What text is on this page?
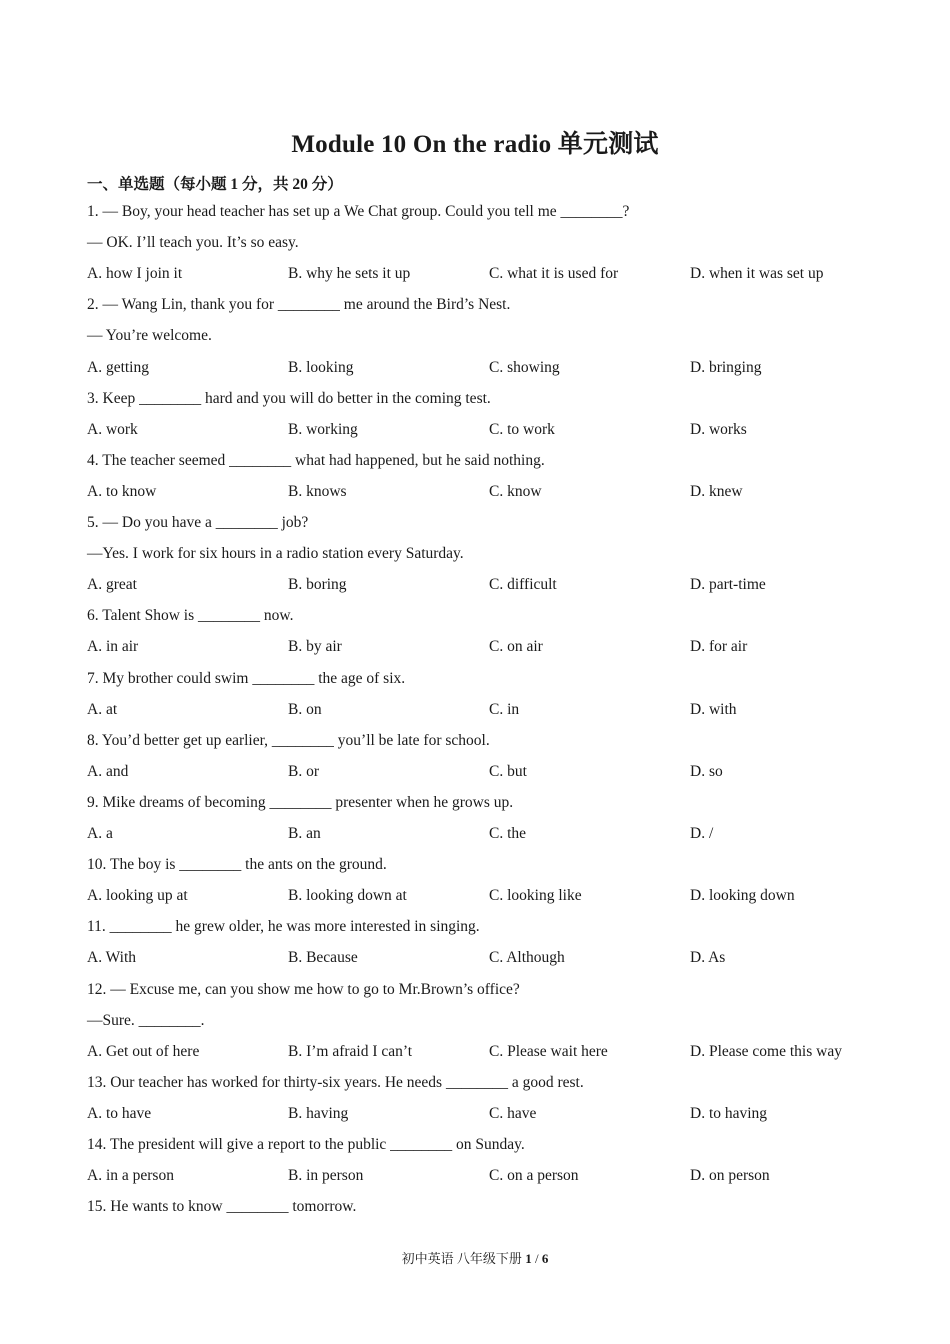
Module 10 On the radio 单元测试
一、单选题（每小题 1 分，共 20 分）
1. — Boy, your head teacher has set up a We Chat group. Could you tell me ________?
— OK. I’ll teach you. It’s so easy.
A. how I join it	B. why he sets it up	C. what it is used for	D. when it was set up
2. — Wang Lin, thank you for ________ me around the Bird’s Nest.
— You’re welcome.
A. getting	B. looking	C. showing	D. bringing
3. Keep ________ hard and you will do better in the coming test.
A. work	B. working	C. to work	D. works
4. The teacher seemed ________ what had happened, but he said nothing.
A. to know	B. knows	C. know	D. knew
5. — Do you have a ________ job?
—Yes. I work for six hours in a radio station every Saturday.
A. great	B. boring	C. difficult	D. part-time
6. Talent Show is ________ now.
A. in air	B. by air	C. on air	D. for air
7. My brother could swim ________ the age of six.
A. at	B. on	C. in	D. with
8. You’d better get up earlier, ________ you’ll be late for school.
A. and	B. or	C. but	D. so
9. Mike dreams of becoming ________ presenter when he grows up.
A. a	B. an	C. the	D. /
10. The boy is ________ the ants on the ground.
A. looking up at	B. looking down at	C. looking like	D. looking down
11. ________ he grew older, he was more interested in singing.
A. With	B. Because	C. Although	D. As
12. — Excuse me, can you show me how to go to Mr.Brown’s office?
—Sure. ________.
A. Get out of here	B. I’m afraid I can’t	C. Please wait here	D. Please come this way
13. Our teacher has worked for thirty-six years. He needs ________ a good rest.
A. to have	B. having	C. have	D. to having
14. The president will give a report to the public ________ on Sunday.
A. in a person	B. in person	C. on a person	D. on person
15. He wants to know ________ tomorrow.
初中英语 八年级下册 1 / 6
